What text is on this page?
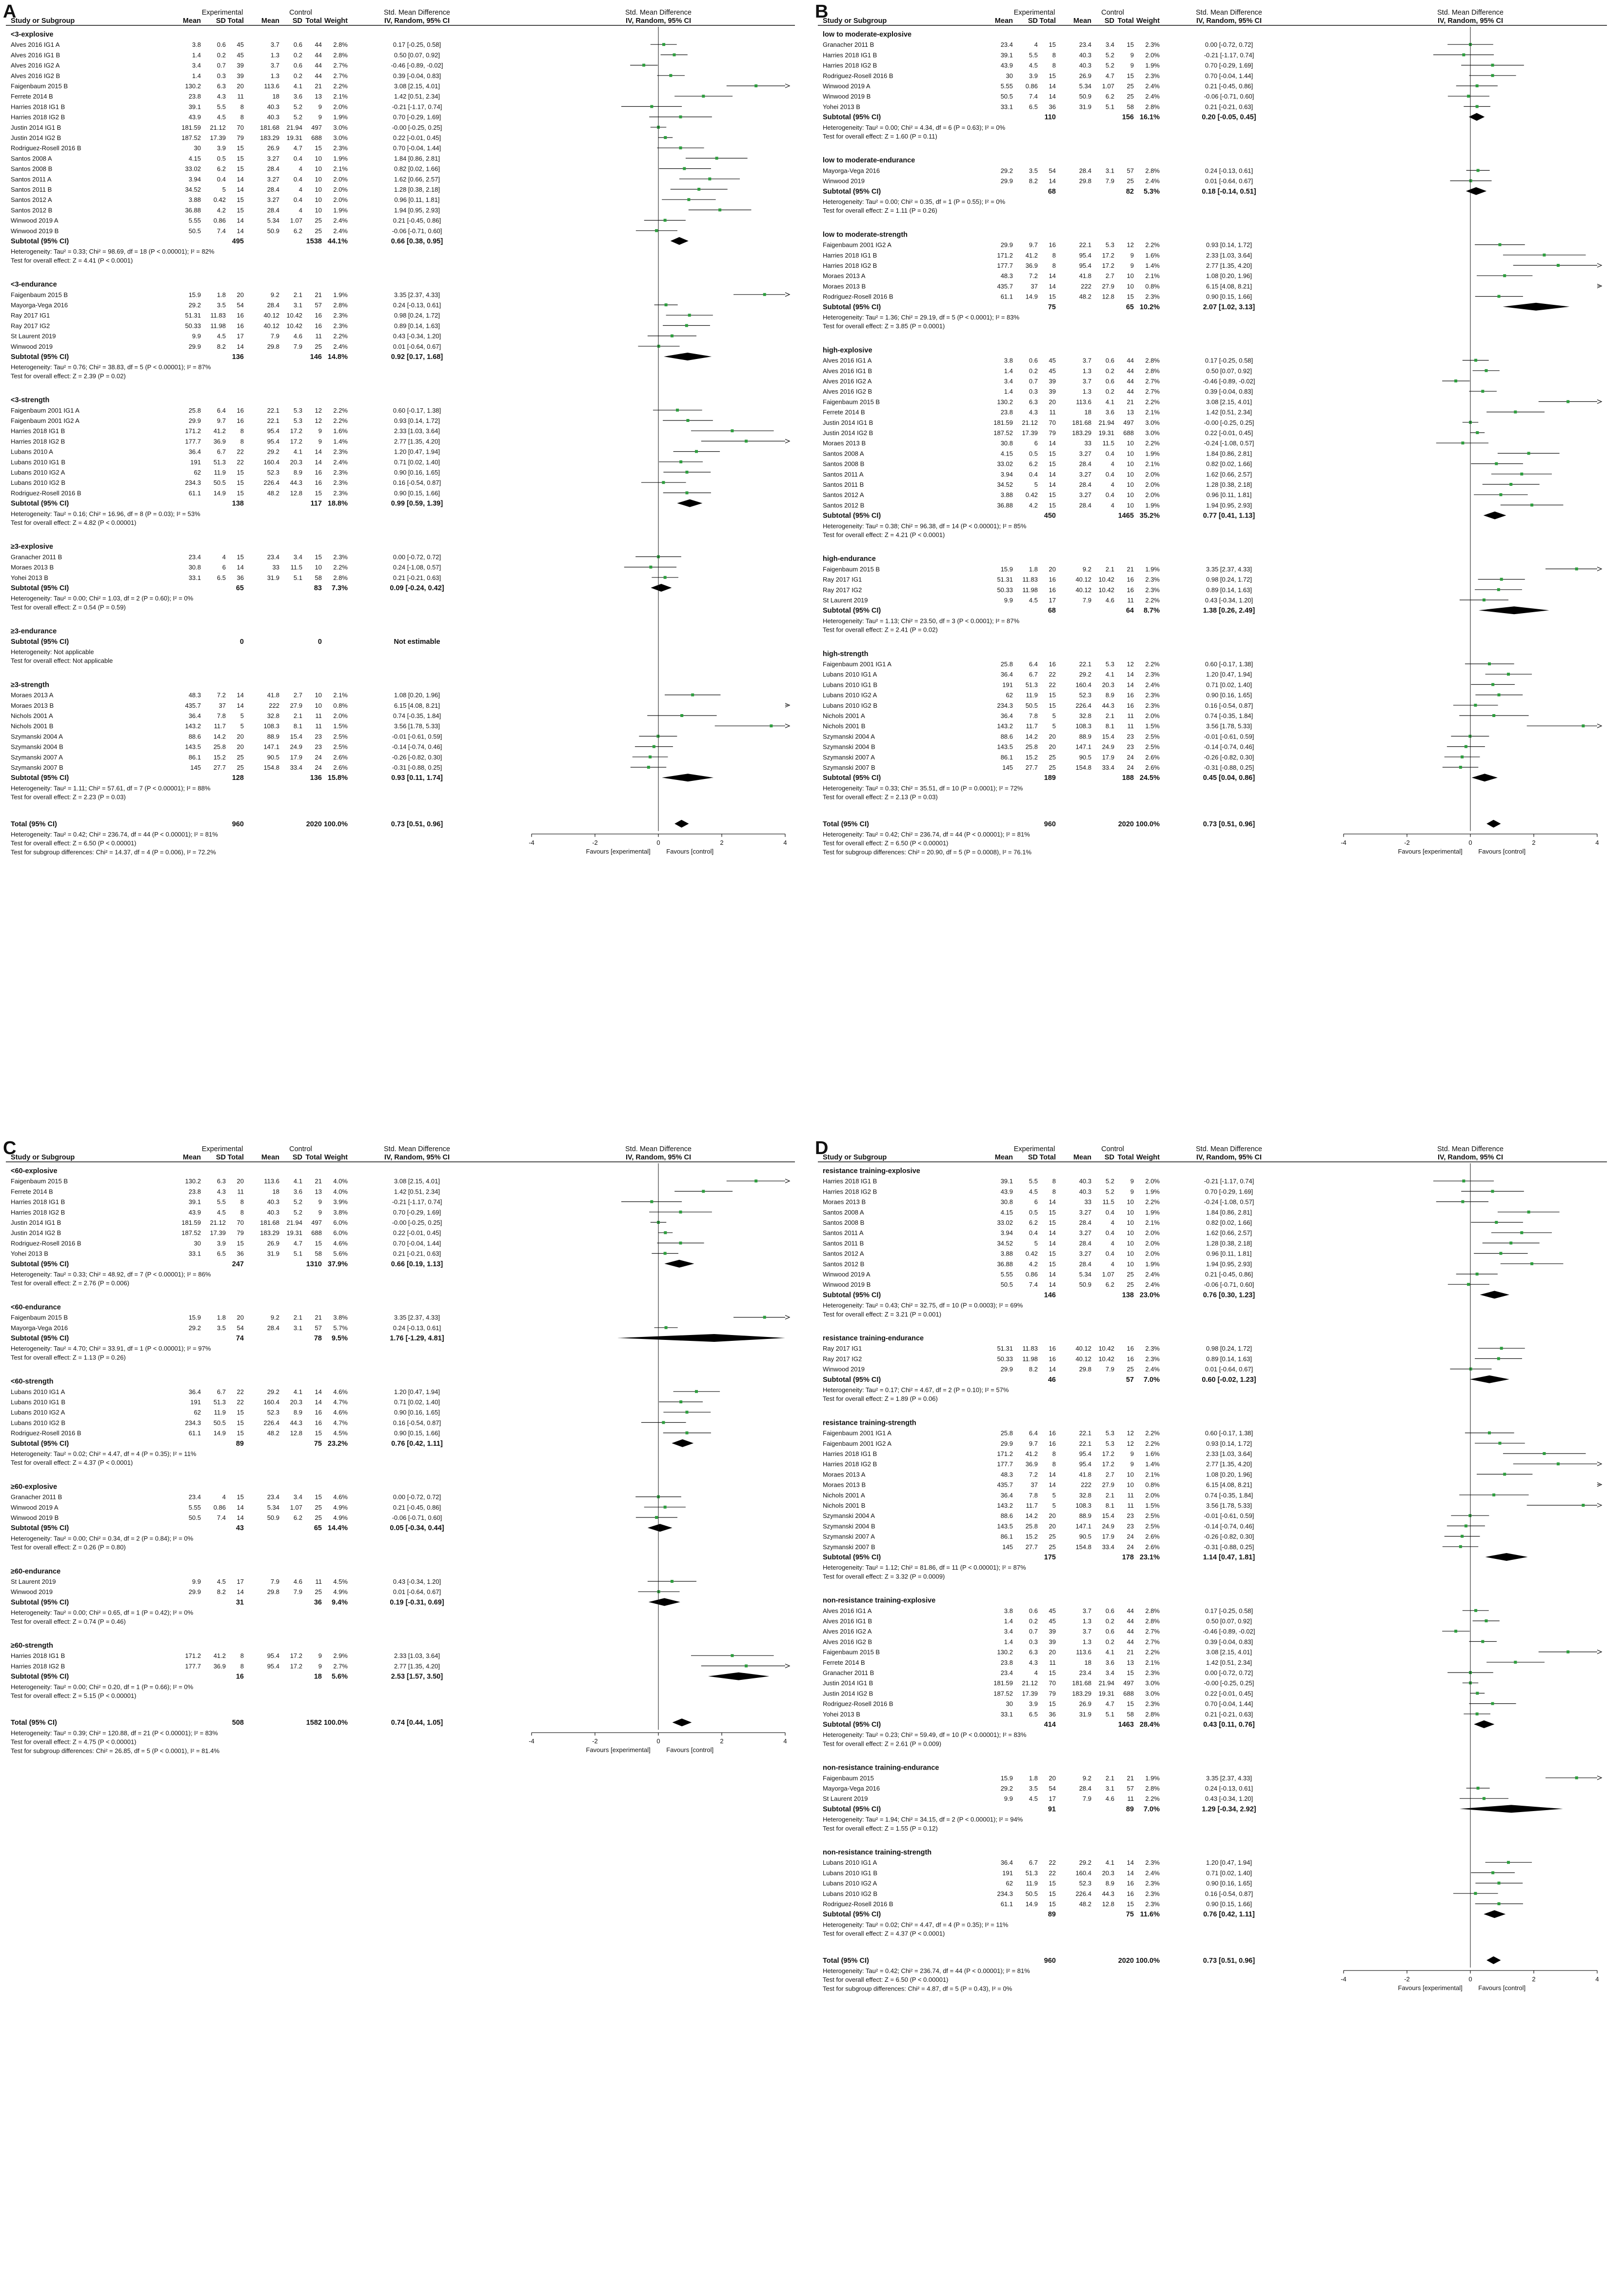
A	Experimental	Control	Std. Mean Difference	Std. Mean Difference
Study or Subgroup	Mean SD Total Mean SD Total Weight	IV, Random, 95% CI	IV, Random, 95% CI
<3-explosive
Alves 2016 IG1 A	3.8	0.6 45	3.7 0.6 44 2.8%	0.17 [-0.25, 0.58]
Alves 2016 IG1 B	1.4	0.2 45	1.3 0.2 44 2.8%	0.50 [0.07, 0.92]
Alves 2016 IG2 A	3.4	0.7 39	3.7 0.6 44 2.7%	-0.46 [-0.89, -0.02]
Alves 2016 IG2 B	1.4	0.3 39	1.3 0.2 44 2.7%	0.39 [-0.04, 0.83]
Faigenbaum 2015 B	130.2	6.3 20	113.6 4.1 21 2.2%	3.08 [2.15, 4.01]
Ferrete 2014 B	23.8	4.3 11	18 3.6 13 2.1%	1.42 [0.51, 2.34]
Harries 2018 IG1 B	39.1	5.5 8	40.3 5.2	9 2.0%	-0.21 [-1.17, 0.74]
Harries 2018 IG2 B	43.9	4.5 8	40.3 5.2	9 1.9%	0.70 [-0.29, 1.69]
Justin 2014 IG1 B	181.59 21.12 70	181.68 21.94 497 3.0%	-0.00 [-0.25, 0.25]
Justin 2014 IG2 B	187.52 17.39 79	183.29 19.31 688 3.0%	0.22 [-0.01, 0.45]
Rodriguez-Rosell 2016 B	30	3.9 15	26.9 4.7 15 2.3%	0.70 [-0.04, 1.44]
Santos 2008 A	4.15	0.5 15	3.27 0.4 10 1.9%	1.84 [0.86, 2.81]
Santos 2008 B	33.02	6.2 15	28.4	4 10 2.1%	0.82 [0.02, 1.66]
Santos 2011 A	3.94	0.4 14	3.27 0.4 10 2.0%	1.62 [0.66, 2.57]
Santos 2011 B	34.52	5 14	28.4	4 10 2.0%	1.28 [0.38, 2.18]
Santos 2012 A	3.88 0.42 15	3.27 0.4 10 2.0%	0.96 [0.11, 1.81]
Santos 2012 B	36.88	4.2 15	28.4	4 10 1.9%	1.94 [0.95, 2.93]
Winwood 2019 A	5.55 0.86 14	5.34 1.07 25 2.4%	0.21 [-0.45, 0.86]
Winwood 2019 B	50.5	7.4 14	50.9 6.2 25 2.4%	-0.06 [-0.71, 0.60]
Subtotal (95% CI)	495	1538 44.1%	0.66 [0.38, 0.95]
Heterogeneity: Tau² = 0.33; Chi² = 98.69, df = 18 (P < 0.00001); I² = 82%
Test for overall effect: Z = 4.41 (P < 0.0001)
<3-endurance
Faigenbaum 2015 B	15.9	1.8 20	9.2 2.1 21 1.9%	3.35 [2.37, 4.33]
Mayorga-Vega 2016	29.2	3.5 54	28.4 3.1 57 2.8%	0.24 [-0.13, 0.61]
Ray 2017 IG1	51.31 11.83 16	40.12 10.42 16 2.3%	0.98 [0.24, 1.72]
Ray 2017 IG2	50.33 11.98 16	40.12 10.42 16 2.3%	0.89 [0.14, 1.63]
St Laurent 2019	9.9	4.5 17	7.9 4.6 11 2.2%	0.43 [-0.34, 1.20]
Winwood 2019	29.9	8.2 14	29.8 7.9 25 2.4%	0.01 [-0.64, 0.67]
Subtotal (95% CI)	136	146 14.8%	0.92 [0.17, 1.68]
Heterogeneity: Tau² = 0.76; Chi² = 38.83, df = 5 (P < 0.00001); I² = 87%
Test for overall effect: Z = 2.39 (P = 0.02)
<3-strength
Faigenbaum 2001 IG1 A	25.8	6.4 16	22.1 5.3 12 2.2%	0.60 [-0.17, 1.38]
Faigenbaum 2001 IG2 A	29.9	9.7 16	22.1 5.3 12 2.2%	0.93 [0.14, 1.72]
Harries 2018 IG1 B	171.2 41.2 8	95.4 17.2	9 1.6%	2.33 [1.03, 3.64]
Harries 2018 IG2 B	177.7 36.9 8	95.4 17.2	9 1.4%	2.77 [1.35, 4.20]
Lubans 2010 A	36.4	6.7 22	29.2 4.1 14 2.3%	1.20 [0.47, 1.94]
Lubans 2010 IG1 B	191 51.3 22	160.4 20.3 14 2.4%	0.71 [0.02, 1.40]
Lubans 2010 IG2 A	62 11.9 15	52.3 8.9 16 2.3%	0.90 [0.16, 1.65]
Lubans 2010 IG2 B	234.3 50.5 15	226.4 44.3 16 2.3%	0.16 [-0.54, 0.87]
Rodriguez-Rosell 2016 B	61.1 14.9 15	48.2 12.8 15 2.3%	0.90 [0.15, 1.66]
Subtotal (95% CI)	138	117 18.8%	0.99 [0.59, 1.39]
Heterogeneity: Tau² = 0.16; Chi² = 16.96, df = 8 (P = 0.03); I² = 53%
Test for overall effect: Z = 4.82 (P < 0.00001)
≥3-explosive
Granacher 2011 B	23.4	4 15	23.4 3.4 15 2.3%	0.00 [-0.72, 0.72]
Moraes 2013 B	30.8	6 14	33 11.5 10 2.2%	0.24 [-1.08, 0.57]
Yohei 2013 B	33.1	6.5 36	31.9 5.1 58 2.8%	0.21 [-0.21, 0.63]
Subtotal (95% CI)	65	83 7.3%	0.09 [-0.24, 0.42]
Heterogeneity: Tau² = 0.00; Chi² = 1.03, df = 2 (P = 0.60); I² = 0%
Test for overall effect: Z = 0.54 (P = 0.59)
≥3-endurance
Subtotal (95% CI)	0	0	Not estimable
Heterogeneity: Not applicable
Test for overall effect: Not applicable
≥3-strength
Moraes 2013 A	48.3	7.2 14	41.8 2.7 10 2.1%	1.08 [0.20, 1.96]
Moraes 2013 B	435.7	37 14	222 27.9 10 0.8%	6.15 [4.08, 8.21]
Nichols 2001 A	36.4	7.8 5	32.8 2.1 11 2.0%	0.74 [-0.35, 1.84]
Nichols 2001 B	143.2 11.7 5	108.3 8.1 11 1.5%	3.56 [1.78, 5.33]
Szymanski 2004 A	88.6 14.2 20	88.9 15.4 23 2.5%	-0.01 [-0.61, 0.59]
Szymanski 2004 B	143.5 25.8 20	147.1 24.9 23 2.5%	-0.14 [-0.74, 0.46]
Szymanski 2007 A	86.1 15.2 25	90.5 17.9 24 2.6%	-0.26 [-0.82, 0.30]
Szymanski 2007 B	145 27.7 25	154.8 33.4 24 2.6%	-0.31 [-0.88, 0.25]
Subtotal (95% CI)	128	136 15.8%	0.93 [0.11, 1.74]
Heterogeneity: Tau² = 1.11; Chi² = 57.61, df = 7 (P < 0.00001); I² = 88%
Test for overall effect: Z = 2.23 (P = 0.03)
Total (95% CI)	960	2020 100.0%	0.73 [0.51, 0.96]
Heterogeneity: Tau² = 0.42; Chi² = 236.74, df = 44 (P < 0.00001); I² = 81%
Test for overall effect: Z = 6.50 (P < 0.00001)
Test for subgroup differences: Chi² = 14.37, df = 4 (P = 0.006), I² = 72.2%
-4	-2	0	2	4
Favours [experimental]	Favours [control]
B	Experimental	Control	Std. Mean Difference	Std. Mean Difference
Study or Subgroup	Mean SD Total Mean SD Total Weight	IV, Random, 95% CI	IV, Random, 95% CI
low to moderate-explosive
Granacher 2011 B	23.4	4 15	23.4 3.4 15 2.3%	0.00 [-0.72, 0.72]
Harries 2018 IG1 B	39.1	5.5 8	40.3 5.2	9 2.0%	-0.21 [-1.17, 0.74]
Harries 2018 IG2 B	43.9	4.5 8	40.3 5.2	9 1.9%	0.70 [-0.29, 1.69]
Rodriguez-Rosell 2016 B	30	3.9 15	26.9 4.7 15 2.3%	0.70 [-0.04, 1.44]
Winwood 2019 A	5.55 0.86 14	5.34 1.07 25 2.4%	0.21 [-0.45, 0.86]
Winwood 2019 B	50.5	7.4 14	50.9 6.2 25 2.4%	-0.06 [-0.71, 0.60]
Yohei 2013 B	33.1	6.5 36	31.9 5.1 58 2.8%	0.21 [-0.21, 0.63]
Subtotal (95% CI)	110	156 16.1%	0.20 [-0.05, 0.45]
Heterogeneity: Tau² = 0.00; Chi² = 4.34, df = 6 (P = 0.63); I² = 0%
Test for overall effect: Z = 1.60 (P = 0.11)
low to moderate-endurance
Mayorga-Vega 2016	29.2	3.5 54	28.4 3.1 57 2.8%	0.24 [-0.13, 0.61]
Winwood 2019	29.9	8.2 14	29.8 7.9 25 2.4%	0.01 [-0.64, 0.67]
Subtotal (95% CI)	68	82 5.3%	0.18 [-0.14, 0.51]
Heterogeneity: Tau² = 0.00; Chi² = 0.35, df = 1 (P = 0.55); I² = 0%
Test for overall effect: Z = 1.11 (P = 0.26)
low to moderate-strength
Faigenbaum 2001 IG2 A	29.9	9.7 16	22.1 5.3 12 2.2%	0.93 [0.14, 1.72]
Harries 2018 IG1 B	171.2 41.2 8	95.4 17.2	9 1.6%	2.33 [1.03, 3.64]
Harries 2018 IG2 B	177.7 36.9 8	95.4 17.2	9 1.4%	2.77 [1.35, 4.20]
Moraes 2013 A	48.3	7.2 14	41.8 2.7 10 2.1%	1.08 [0.20, 1.96]
Moraes 2013 B	435.7	37 14	222 27.9 10 0.8%	6.15 [4.08, 8.21]
Rodriguez-Rosell 2016 B	61.1 14.9 15	48.2 12.8 15 2.3%	0.90 [0.15, 1.66]
Subtotal (95% CI)	75	65 10.2%	2.07 [1.02, 3.13]
Heterogeneity: Tau² = 1.36; Chi² = 29.19, df = 5 (P < 0.0001); I² = 83%
Test for overall effect: Z = 3.85 (P = 0.0001)
high-explosive
Alves 2016 IG1 A	3.8	0.6 45	3.7 0.6 44 2.8%	0.17 [-0.25, 0.58]
Alves 2016 IG1 B	1.4	0.2 45	1.3 0.2 44 2.8%	0.50 [0.07, 0.92]
Alves 2016 IG2 A	3.4	0.7 39	3.7 0.6 44 2.7%	-0.46 [-0.89, -0.02]
Alves 2016 IG2 B	1.4	0.3 39	1.3 0.2 44 2.7%	0.39 [-0.04, 0.83]
Faigenbaum 2015 B	130.2	6.3 20	113.6 4.1 21 2.2%	3.08 [2.15, 4.01]
Ferrete 2014 B	23.8	4.3 11	18 3.6 13 2.1%	1.42 [0.51, 2.34]
Justin 2014 IG1 B	181.59 21.12 70	181.68 21.94 497 3.0%	-0.00 [-0.25, 0.25]
Justin 2014 IG2 B	187.52 17.39 79	183.29 19.31 688 3.0%	0.22 [-0.01, 0.45]
Moraes 2013 B	30.8	6 14	33 11.5 10 2.2%	-0.24 [-1.08, 0.57]
Santos 2008 A	4.15	0.5 15	3.27 0.4 10 1.9%	1.84 [0.86, 2.81]
Santos 2008 B	33.02	6.2 15	28.4	4 10 2.1%	0.82 [0.02, 1.66]
Santos 2011 A	3.94	0.4 14	3.27 0.4 10 2.0%	1.62 [0.66, 2.57]
Santos 2011 B	34.52	5 14	28.4	4 10 2.0%	1.28 [0.38, 2.18]
Santos 2012 A	3.88 0.42 15	3.27 0.4 10 2.0%	0.96 [0.11, 1.81]
Santos 2012 B	36.88	4.2 15	28.4	4 10 1.9%	1.94 [0.95, 2.93]
Subtotal (95% CI)	450	1465 35.2%	0.77 [0.41, 1.13]
Heterogeneity: Tau² = 0.38; Chi² = 96.38, df = 14 (P < 0.00001); I² = 85%
Test for overall effect: Z = 4.21 (P < 0.0001)
high-endurance
Faigenbaum 2015 B	15.9	1.8 20	9.2 2.1 21 1.9%	3.35 [2.37, 4.33]
Ray 2017 IG1	51.31 11.83 16	40.12 10.42 16 2.3%	0.98 [0.24, 1.72]
Ray 2017 IG2	50.33 11.98 16	40.12 10.42 16 2.3%	0.89 [0.14, 1.63]
St Laurent 2019	9.9	4.5 17	7.9 4.6 11 2.2%	0.43 [-0.34, 1.20]
Subtotal (95% CI)	68	64 8.7%	1.38 [0.26, 2.49]
Heterogeneity: Tau² = 1.13; Chi² = 23.50, df = 3 (P < 0.0001); I² = 87%
Test for overall effect: Z = 2.41 (P = 0.02)
high-strength
Faigenbaum 2001 IG1 A	25.8	6.4 16	22.1 5.3 12 2.2%	0.60 [-0.17, 1.38]
Lubans 2010 IG1 A	36.4	6.7 22	29.2 4.1 14 2.3%	1.20 [0.47, 1.94]
Lubans 2010 IG1 B	191 51.3 22	160.4 20.3 14 2.4%	0.71 [0.02, 1.40]
Lubans 2010 IG2 A	62 11.9 15	52.3 8.9 16 2.3%	0.90 [0.16, 1.65]
Lubans 2010 IG2 B	234.3 50.5 15	226.4 44.3 16 2.3%	0.16 [-0.54, 0.87]
Nichols 2001 A	36.4	7.8 5	32.8 2.1 11 2.0%	0.74 [-0.35, 1.84]
Nichols 2001 B	143.2 11.7 5	108.3 8.1 11 1.5%	3.56 [1.78, 5.33]
Szymanski 2004 A	88.6 14.2 20	88.9 15.4 23 2.5%	-0.01 [-0.61, 0.59]
Szymanski 2004 B	143.5 25.8 20	147.1 24.9 23 2.5%	-0.14 [-0.74, 0.46]
Szymanski 2007 A	86.1 15.2 25	90.5 17.9 24 2.6%	-0.26 [-0.82, 0.30]
Szymanski 2007 B	145 27.7 25	154.8 33.4 24 2.6%	-0.31 [-0.88, 0.25]
Subtotal (95% CI)	189	188 24.5%	0.45 [0.04, 0.86]
Heterogeneity: Tau² = 0.33; Chi² = 35.51, df = 10 (P = 0.0001); I² = 72%
Test for overall effect: Z = 2.13 (P = 0.03)
Total (95% CI)	960	2020 100.0%	0.73 [0.51, 0.96]
Heterogeneity: Tau² = 0.42; Chi² = 236.74, df = 44 (P < 0.00001); I² = 81%
Test for overall effect: Z = 6.50 (P < 0.00001)
Test for subgroup differences: Chi² = 20.90, df = 5 (P = 0.0008), I² = 76.1%
-4	-2	0	2	4
Favours [experimental]	Favours [control]
C	Experimental	Control	Std. Mean Difference	Std. Mean Difference
Study or Subgroup	Mean SD Total Mean SD Total Weight	IV, Random, 95% CI	IV, Random, 95% CI
<60-explosive
Faigenbaum 2015 B	130.2	6.3 20	113.6 4.1 21 4.0%	3.08 [2.15, 4.01]
Ferrete 2014 B	23.8	4.3 11	18 3.6 13 4.0%	1.42 [0.51, 2.34]
Harries 2018 IG1 B	39.1	5.5 8	40.3 5.2	9 3.9%	-0.21 [-1.17, 0.74]
Harries 2018 IG2 B	43.9	4.5 8	40.3 5.2	9 3.8%	0.70 [-0.29, 1.69]
Justin 2014 IG1 B	181.59 21.12 70	181.68 21.94 497 6.0%	-0.00 [-0.25, 0.25]
Justin 2014 IG2 B	187.52 17.39 79	183.29 19.31 688 6.0%	0.22 [-0.01, 0.45]
Rodriguez-Rosell 2016 B	30	3.9 15	26.9 4.7 15 4.6%	0.70 [-0.04, 1.44]
Yohei 2013 B	33.1	6.5 36	31.9 5.1 58 5.6%	0.21 [-0.21, 0.63]
Subtotal (95% CI)	247	1310 37.9%	0.66 [0.19, 1.13]
Heterogeneity: Tau² = 0.33; Chi² = 48.92, df = 7 (P < 0.00001); I² = 86%
Test for overall effect: Z = 2.76 (P = 0.006)
<60-endurance
Faigenbaum 2015 B	15.9	1.8 20	9.2 2.1 21 3.8%	3.35 [2.37, 4.33]
Mayorga-Vega 2016	29.2	3.5 54	28.4 3.1 57 5.7%	0.24 [-0.13, 0.61]
Subtotal (95% CI)	74	78 9.5%	1.76 [-1.29, 4.81]
Heterogeneity: Tau² = 4.70; Chi² = 33.91, df = 1 (P < 0.00001); I² = 97%
Test for overall effect: Z = 1.13 (P = 0.26)
<60-strength
Lubans 2010 IG1 A	36.4	6.7 22	29.2 4.1 14 4.6%	1.20 [0.47, 1.94]
Lubans 2010 IG1 B	191 51.3 22	160.4 20.3 14 4.7%	0.71 [0.02, 1.40]
Lubans 2010 IG2 A	62 11.9 15	52.3 8.9 16 4.6%	0.90 [0.16, 1.65]
Lubans 2010 IG2 B	234.3 50.5 15	226.4 44.3 16 4.7%	0.16 [-0.54, 0.87]
Rodriguez-Rosell 2016 B	61.1 14.9 15	48.2 12.8 15 4.5%	0.90 [0.15, 1.66]
Subtotal (95% CI)	89	75 23.2%	0.76 [0.42, 1.11]
Heterogeneity: Tau² = 0.02; Chi² = 4.47, df = 4 (P = 0.35); I² = 11%
Test for overall effect: Z = 4.37 (P < 0.0001)
≥60-explosive
Granacher 2011 B	23.4	4 15	23.4 3.4 15 4.6%	0.00 [-0.72, 0.72]
Winwood 2019 A	5.55 0.86 14	5.34 1.07 25 4.9%	0.21 [-0.45, 0.86]
Winwood 2019 B	50.5	7.4 14	50.9 6.2 25 4.9%	-0.06 [-0.71, 0.60]
Subtotal (95% CI)	43	65 14.4%	0.05 [-0.34, 0.44]
Heterogeneity: Tau² = 0.00; Chi² = 0.34, df = 2 (P = 0.84); I² = 0%
Test for overall effect: Z = 0.26 (P = 0.80)
≥60-endurance
St Laurent 2019	9.9	4.5 17	7.9 4.6 11 4.5%	0.43 [-0.34, 1.20]
Winwood 2019	29.9	8.2 14	29.8 7.9 25 4.9%	0.01 [-0.64, 0.67]
Subtotal (95% CI)	31	36 9.4%	0.19 [-0.31, 0.69]
Heterogeneity: Tau² = 0.00; Chi² = 0.65, df = 1 (P = 0.42); I² = 0%
Test for overall effect: Z = 0.74 (P = 0.46)
≥60-strength
Harries 2018 IG1 B	171.2 41.2 8	95.4 17.2	9 2.9%	2.33 [1.03, 3.64]
Harries 2018 IG2 B	177.7 36.9 8	95.4 17.2	9 2.7%	2.77 [1.35, 4.20]
Subtotal (95% CI)	16	18 5.6%	2.53 [1.57, 3.50]
Heterogeneity: Tau² = 0.00; Chi² = 0.20, df = 1 (P = 0.66); I² = 0%
Test for overall effect: Z = 5.15 (P < 0.00001)
Total (95% CI)	508	1582 100.0%	0.74 [0.44, 1.05]
Heterogeneity: Tau² = 0.39; Chi² = 120.88, df = 21 (P < 0.00001); I² = 83%
Test for overall effect: Z = 4.75 (P < 0.00001)
Test for subgroup differences: Chi² = 26.85, df = 5 (P < 0.0001), I² = 81.4%
-4	-2	0	2	4
Favours [experimental]	Favours [control]
D	Experimental	Control	Std. Mean Difference	Std. Mean Difference
Study or Subgroup	Mean SD Total Mean SD Total Weight	IV, Random, 95% CI	IV, Random, 95% CI
resistance training-explosive
Harries 2018 IG1 B	39.1	5.5 8	40.3 5.2	9 2.0%	-0.21 [-1.17, 0.74]
Harries 2018 IG2 B	43.9	4.5 8	40.3 5.2	9 1.9%	0.70 [-0.29, 1.69]
Moraes 2013 B	30.8	6 14	33 11.5 10 2.2%	-0.24 [-1.08, 0.57]
Santos 2008 A	4.15	0.5 15	3.27 0.4 10 1.9%	1.84 [0.86, 2.81]
Santos 2008 B	33.02	6.2 15	28.4	4 10 2.1%	0.82 [0.02, 1.66]
Santos 2011 A	3.94	0.4 14	3.27 0.4 10 2.0%	1.62 [0.66, 2.57]
Santos 2011 B	34.52	5 14	28.4	4 10 2.0%	1.28 [0.38, 2.18]
Santos 2012 A	3.88 0.42 15	3.27 0.4 10 2.0%	0.96 [0.11, 1.81]
Santos 2012 B	36.88	4.2 15	28.4	4 10 1.9%	1.94 [0.95, 2.93]
Winwood 2019 A	5.55 0.86 14	5.34 1.07 25 2.4%	0.21 [-0.45, 0.86]
Winwood 2019 B	50.5	7.4 14	50.9 6.2 25 2.4%	-0.06 [-0.71, 0.60]
Subtotal (95% CI)	146	138 23.0%	0.76 [0.30, 1.23]
Heterogeneity: Tau² = 0.43; Chi² = 32.75, df = 10 (P = 0.0003); I² = 69%
Test for overall effect: Z = 3.21 (P = 0.001)
resistance training-endurance
Ray 2017 IG1	51.31 11.83 16	40.12 10.42 16 2.3%	0.98 [0.24, 1.72]
Ray 2017 IG2	50.33 11.98 16	40.12 10.42 16 2.3%	0.89 [0.14, 1.63]
Winwood 2019	29.9	8.2 14	29.8 7.9 25 2.4%	0.01 [-0.64, 0.67]
Subtotal (95% CI)	46	57 7.0%	0.60 [-0.02, 1.23]
Heterogeneity: Tau² = 0.17; Chi² = 4.67, df = 2 (P = 0.10); I² = 57%
Test for overall effect: Z = 1.89 (P = 0.06)
resistance training-strength
Faigenbaum 2001 IG1 A	25.8	6.4 16	22.1 5.3 12 2.2%	0.60 [-0.17, 1.38]
Faigenbaum 2001 IG2 A	29.9	9.7 16	22.1 5.3 12 2.2%	0.93 [0.14, 1.72]
Harries 2018 IG1 B	171.2 41.2 8	95.4 17.2	9 1.6%	2.33 [1.03, 3.64]
Harries 2018 IG2 B	177.7 36.9 8	95.4 17.2	9 1.4%	2.77 [1.35, 4.20]
Moraes 2013 A	48.3	7.2 14	41.8 2.7 10 2.1%	1.08 [0.20, 1.96]
Moraes 2013 B	435.7	37 14	222 27.9 10 0.8%	6.15 [4.08, 8.21]
Nichols 2001 A	36.4	7.8 5	32.8 2.1 11 2.0%	0.74 [-0.35, 1.84]
Nichols 2001 B	143.2 11.7 5	108.3 8.1 11 1.5%	3.56 [1.78, 5.33]
Szymanski 2004 A	88.6 14.2 20	88.9 15.4 23 2.5%	-0.01 [-0.61, 0.59]
Szymanski 2004 B	143.5 25.8 20	147.1 24.9 23 2.5%	-0.14 [-0.74, 0.46]
Szymanski 2007 A	86.1 15.2 25	90.5 17.9 24 2.6%	-0.26 [-0.82, 0.30]
Szymanski 2007 B	145 27.7 25	154.8 33.4 24 2.6%	-0.31 [-0.88, 0.25]
Subtotal (95% CI)	175	178 23.1%	1.14 [0.47, 1.81]
Heterogeneity: Tau² = 1.12; Chi² = 81.86, df = 11 (P < 0.00001); I² = 87%
Test for overall effect: Z = 3.32 (P = 0.0009)
non-resistance training-explosive
Alves 2016 IG1 A	3.8	0.6 45	3.7 0.6 44 2.8%	0.17 [-0.25, 0.58]
Alves 2016 IG1 B	1.4	0.2 45	1.3 0.2 44 2.8%	0.50 [0.07, 0.92]
Alves 2016 IG2 A	3.4	0.7 39	3.7 0.6 44 2.7%	-0.46 [-0.89, -0.02]
Alves 2016 IG2 B	1.4	0.3 39	1.3 0.2 44 2.7%	0.39 [-0.04, 0.83]
Faigenbaum 2015 B	130.2	6.3 20	113.6 4.1 21 2.2%	3.08 [2.15, 4.01]
Ferrete 2014 B	23.8	4.3 11	18 3.6 13 2.1%	1.42 [0.51, 2.34]
Granacher 2011 B	23.4	4 15	23.4 3.4 15 2.3%	0.00 [-0.72, 0.72]
Justin 2014 IG1 B	181.59 21.12 70	181.68 21.94 497 3.0%	-0.00 [-0.25, 0.25]
Justin 2014 IG2 B	187.52 17.39 79	183.29 19.31 688 3.0%	0.22 [-0.01, 0.45]
Rodriguez-Rosell 2016 B	30	3.9 15	26.9 4.7 15 2.3%	0.70 [-0.04, 1.44]
Yohei 2013 B	33.1	6.5 36	31.9 5.1 58 2.8%	0.21 [-0.21, 0.63]
Subtotal (95% CI)	414	1463 28.4%	0.43 [0.11, 0.76]
Heterogeneity: Tau² = 0.23; Chi² = 59.49, df = 10 (P < 0.00001); I² = 83%
Test for overall effect: Z = 2.61 (P = 0.009)
non-resistance training-endurance
Faigenbaum 2015	15.9	1.8 20	9.2 2.1 21 1.9%	3.35 [2.37, 4.33]
Mayorga-Vega 2016	29.2	3.5 54	28.4 3.1 57 2.8%	0.24 [-0.13, 0.61]
St Laurent 2019	9.9	4.5 17	7.9 4.6 11 2.2%	0.43 [-0.34, 1.20]
Subtotal (95% CI)	91	89 7.0%	1.29 [-0.34, 2.92]
Heterogeneity: Tau² = 1.94; Chi² = 34.15, df = 2 (P < 0.00001); I² = 94%
Test for overall effect: Z = 1.55 (P = 0.12)
non-resistance training-strength
Lubans 2010 IG1 A	36.4	6.7 22	29.2 4.1 14 2.3%	1.20 [0.47, 1.94]
Lubans 2010 IG1 B	191 51.3 22	160.4 20.3 14 2.4%	0.71 [0.02, 1.40]
Lubans 2010 IG2 A	62 11.9 15	52.3 8.9 16 2.3%	0.90 [0.16, 1.65]
Lubans 2010 IG2 B	234.3 50.5 15	226.4 44.3 16 2.3%	0.16 [-0.54, 0.87]
Rodriguez-Rosell 2016 B	61.1 14.9 15	48.2 12.8 15 2.3%	0.90 [0.15, 1.66]
Subtotal (95% CI)	89	75 11.6%	0.76 [0.42, 1.11]
Heterogeneity: Tau² = 0.02; Chi² = 4.47, df = 4 (P = 0.35); I² = 11%
Test for overall effect: Z = 4.37 (P < 0.0001)
Total (95% CI)	960	2020 100.0%	0.73 [0.51, 0.96]
Heterogeneity: Tau² = 0.42; Chi² = 236.74, df = 44 (P < 0.00001); I² = 81%
Test for overall effect: Z = 6.50 (P < 0.00001)
Test for subgroup differences: Chi² = 4.87, df = 5 (P = 0.43), I² = 0%
-4	-2	0	2	4
Favours [experimental]	Favours [control]
